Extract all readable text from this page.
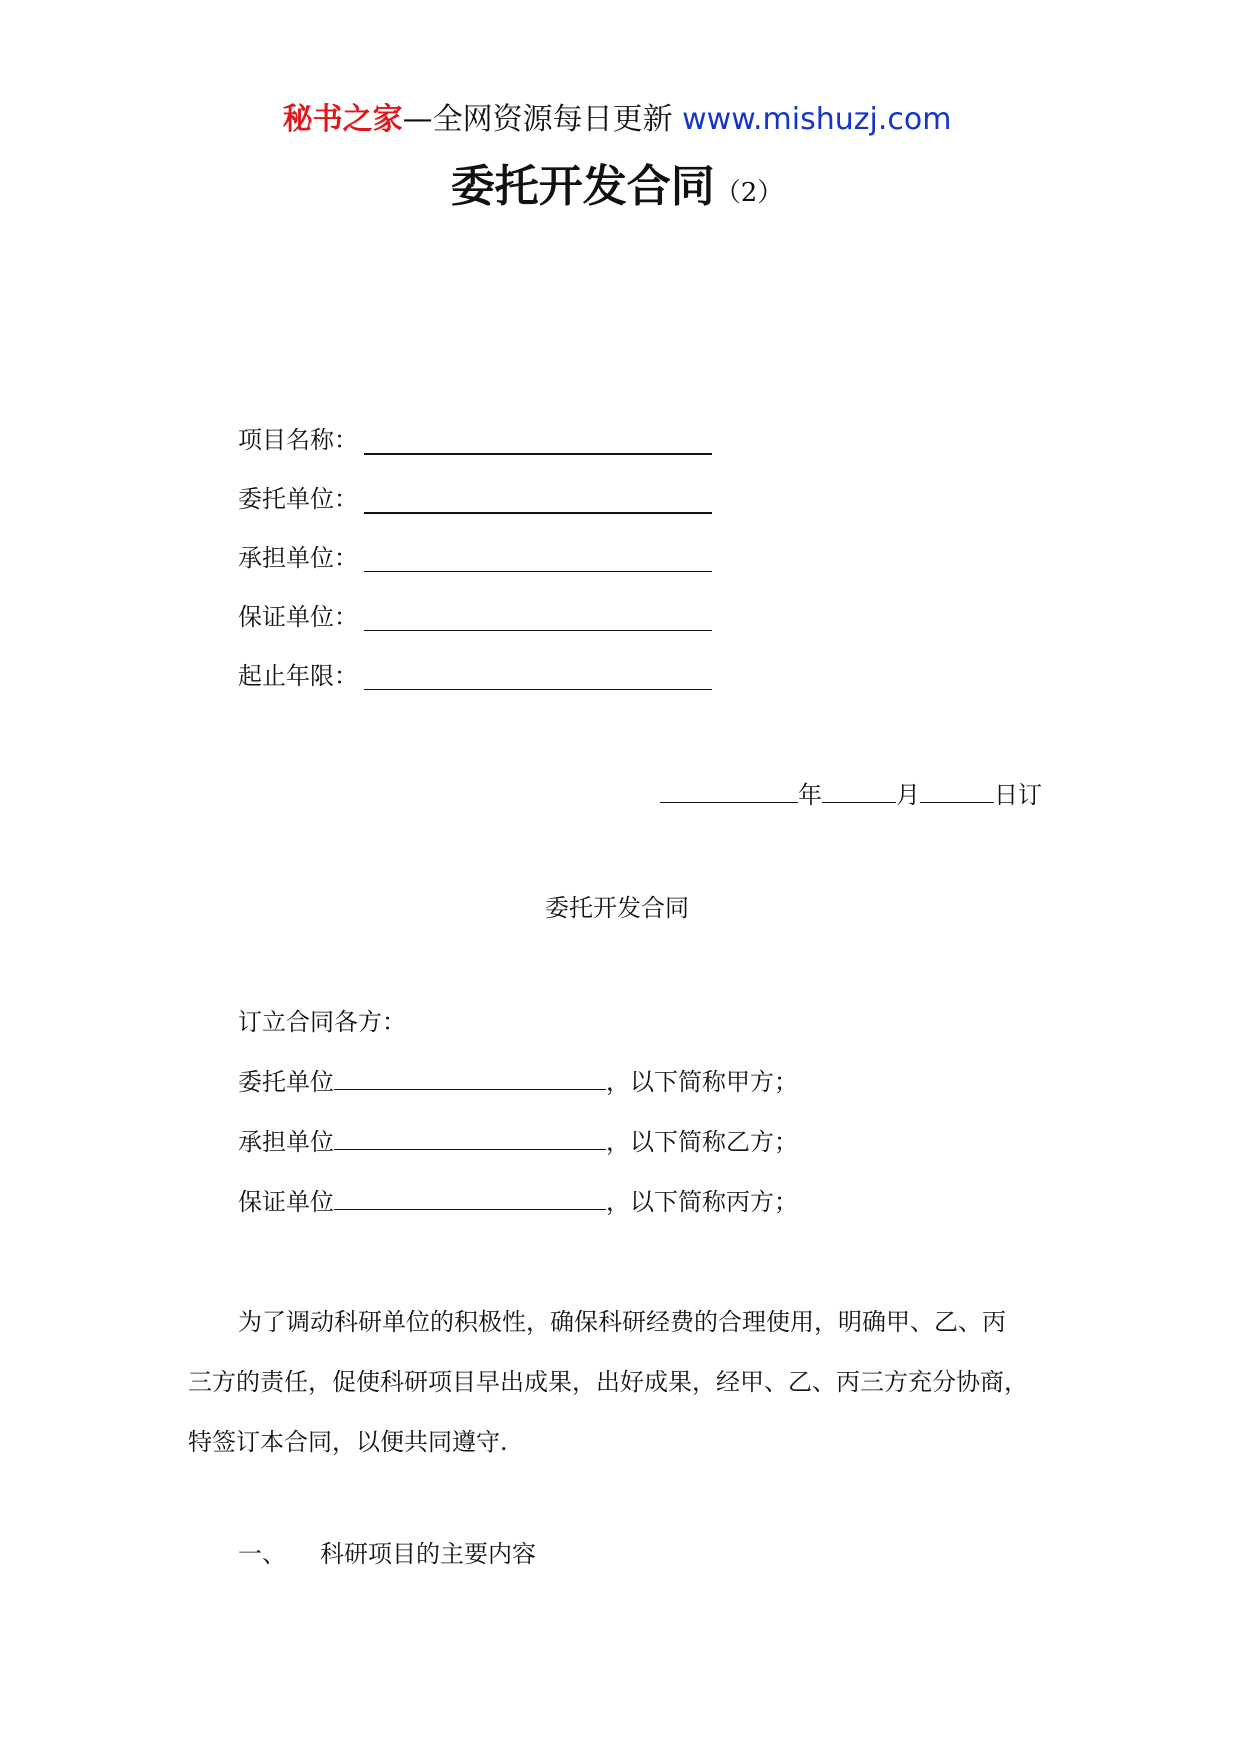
秘书之家—全网资源每日更新 www.mishuzj.com
委托开发合同（2）
项目名称：
委托单位：
承担单位：
保证单位：
起止年限：
年	月	日订
委托开发合同
订立合同各方：
委托单位	，以下简称甲方；
承担单位	，以下简称乙方；
保证单位	，以下简称丙方；
为了调动科研单位的积极性，确保科研经费的合理使用，明确甲、乙、丙
三方的责任，促使科研项目早出成果，出好成果，经甲、乙、丙三方充分协商，
特签订本合同，以便共同遵守.
一、 科研项目的主要内容
